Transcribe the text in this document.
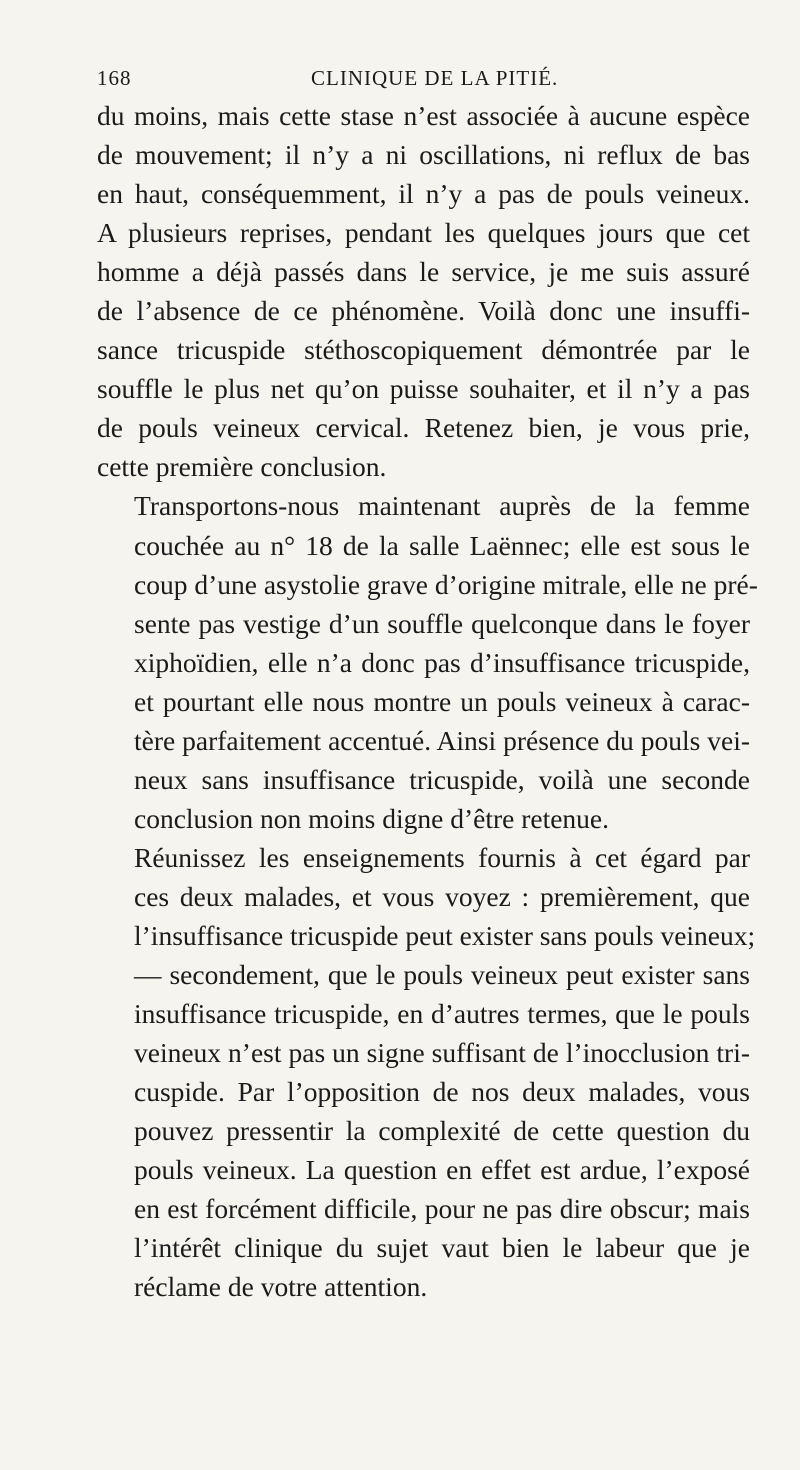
168	CLINIQUE DE LA PITIÉ.

du moins, mais cette stase n’est associée à aucune espèce
de mouvement; il n’y a ni oscillations, ni reflux de bas
en haut, conséquemment, il n’y a pas de pouls veineux.
A plusieurs reprises, pendant les quelques jours que cet
homme a déjà passés dans le service, je me suis assuré
de l’absence de ce phénomène. Voilà donc une insuffi-
sance tricuspide stéthoscopiquement démontrée par le
souffle le plus net qu’on puisse souhaiter, et il n’y a pas
de pouls veineux cervical. Retenez bien, je vous prie,
cette première conclusion.

Transportons-nous maintenant auprès de la femme
couchée au n° 18 de la salle Laënnec; elle est sous le
coup d’une asystolie grave d’origine mitrale, elle ne pré-
sente pas vestige d’un souffle quelconque dans le foyer
xiphoïdien, elle n’a donc pas d’insuffisance tricuspide,
et pourtant elle nous montre un pouls veineux à carac-
tère parfaitement accentué. Ainsi présence du pouls vei-
neux sans insuffisance tricuspide, voilà une seconde
conclusion non moins digne d’être retenue.

Réunissez les enseignements fournis à cet égard par
ces deux malades, et vous voyez : premièrement, que
l’insuffisance tricuspide peut exister sans pouls veineux;
— secondement, que le pouls veineux peut exister sans
insuffisance tricuspide, en d’autres termes, que le pouls
veineux n’est pas un signe suffisant de l’inocclusion tri-
cuspide. Par l’opposition de nos deux malades, vous
pouvez pressentir la complexité de cette question du
pouls veineux. La question en effet est ardue, l’exposé
en est forcément difficile, pour ne pas dire obscur; mais
l’intérêt clinique du sujet vaut bien le labeur que je
réclame de votre attention.
